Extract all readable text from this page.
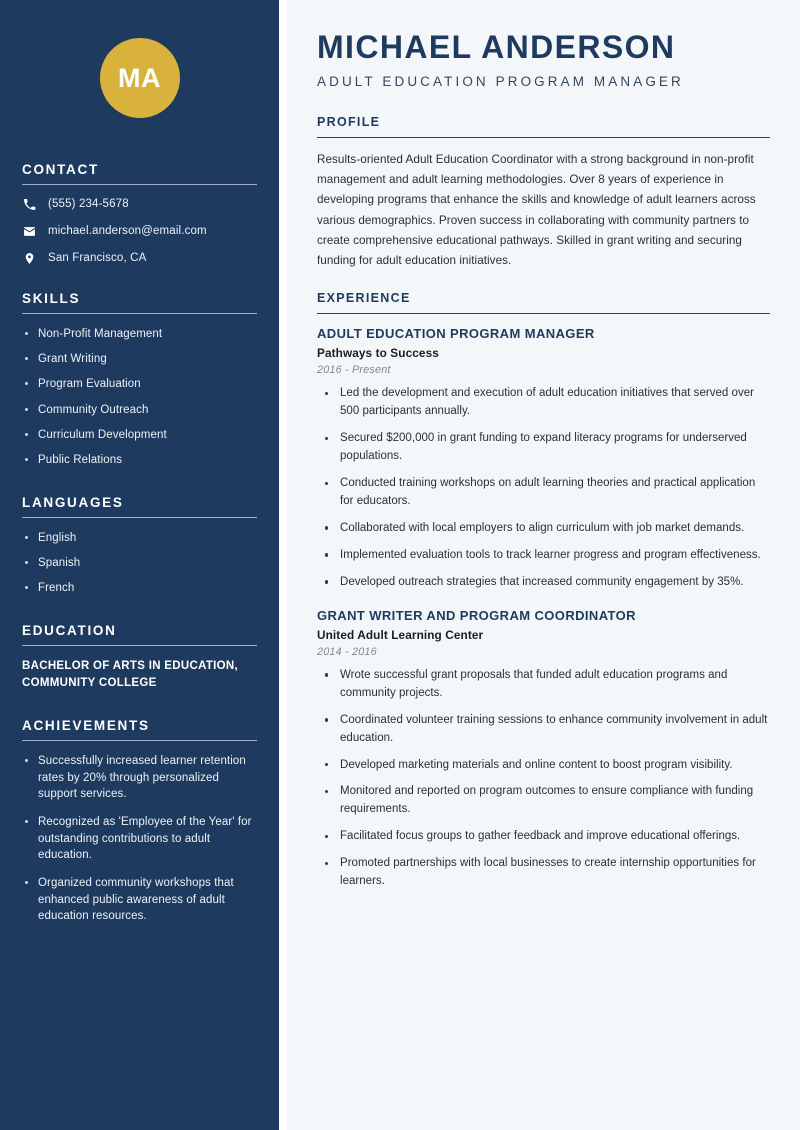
MA
CONTACT
(555) 234-5678
michael.anderson@email.com
San Francisco, CA
SKILLS
Non-Profit Management
Grant Writing
Program Evaluation
Community Outreach
Curriculum Development
Public Relations
LANGUAGES
English
Spanish
French
EDUCATION
BACHELOR OF ARTS IN EDUCATION, COMMUNITY COLLEGE
ACHIEVEMENTS
Successfully increased learner retention rates by 20% through personalized support services.
Recognized as 'Employee of the Year' for outstanding contributions to adult education.
Organized community workshops that enhanced public awareness of adult education resources.
MICHAEL ANDERSON
ADULT EDUCATION PROGRAM MANAGER
PROFILE

Results-oriented Adult Education Coordinator with a strong background in non-profit management and adult learning methodologies. Over 8 years of experience in developing programs that enhance the skills and knowledge of adult learners across various demographics. Proven success in collaborating with community partners to create comprehensive educational pathways. Skilled in grant writing and securing funding for adult education initiatives.

EXPERIENCE
ADULT EDUCATION PROGRAM MANAGER
Pathways to Success
2016 - Present
Led the development and execution of adult education initiatives that served over 500 participants annually.
Secured $200,000 in grant funding to expand literacy programs for underserved populations.
Conducted training workshops on adult learning theories and practical application for educators.
Collaborated with local employers to align curriculum with job market demands.
Implemented evaluation tools to track learner progress and program effectiveness.
Developed outreach strategies that increased community engagement by 35%.
GRANT WRITER AND PROGRAM COORDINATOR
United Adult Learning Center
2014 - 2016
Wrote successful grant proposals that funded adult education programs and community projects.
Coordinated volunteer training sessions to enhance community involvement in adult education.
Developed marketing materials and online content to boost program visibility.
Monitored and reported on program outcomes to ensure compliance with funding requirements.
Facilitated focus groups to gather feedback and improve educational offerings.
Promoted partnerships with local businesses to create internship opportunities for learners.
